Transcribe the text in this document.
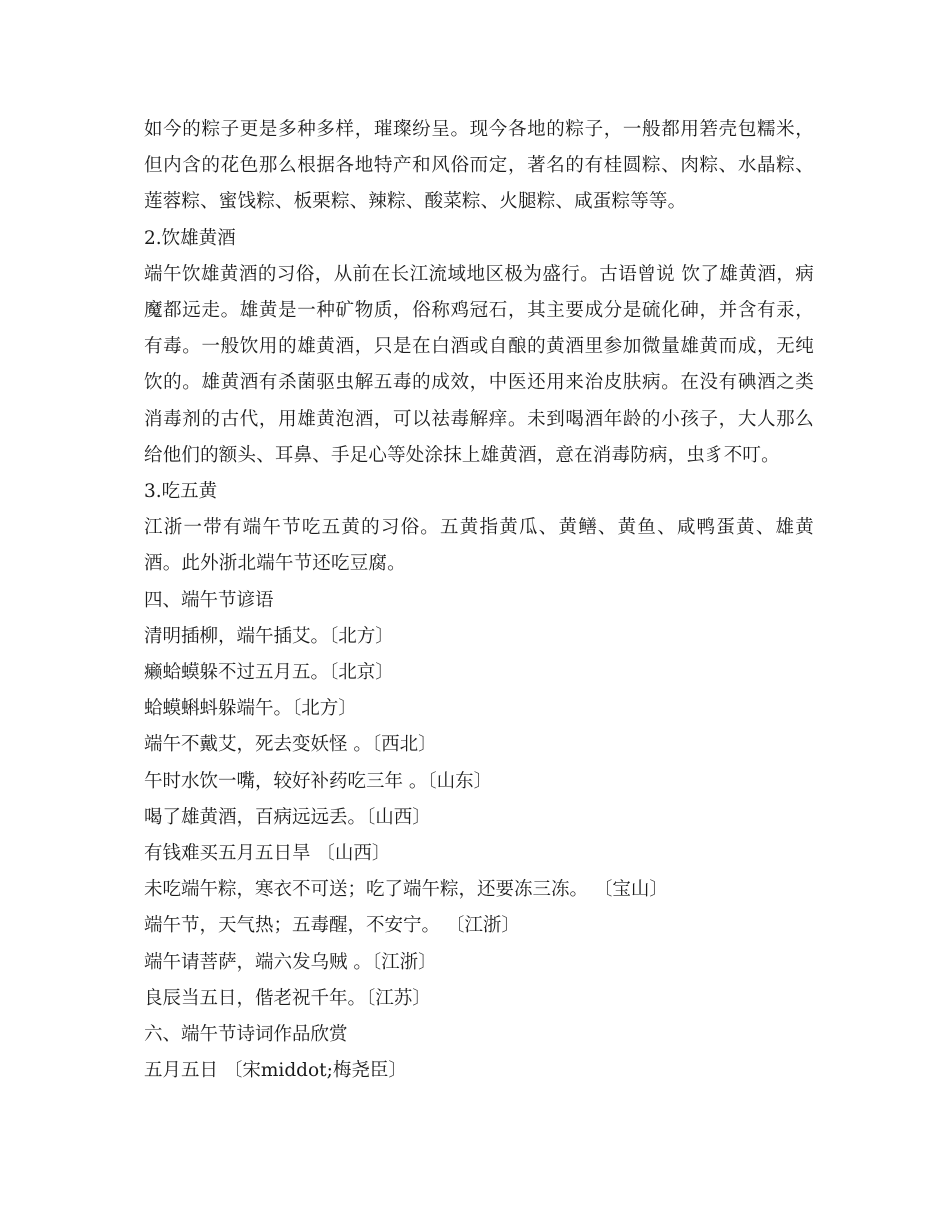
如今的粽子更是多种多样，璀璨纷呈。现今各地的粽子，一般都用箬壳包糯米，但内含的花色那么根据各地特产和风俗而定，著名的有桂圆粽、肉粽、水晶粽、莲蓉粽、蜜饯粽、板栗粽、辣粽、酸菜粽、火腿粽、咸蛋粽等等。

2.饮雄黄酒

端午饮雄黄酒的习俗，从前在长江流域地区极为盛行。古语曾说 饮了雄黄酒，病魔都远走。雄黄是一种矿物质，俗称鸡冠石，其主要成分是硫化砷，并含有汞，有毒。一般饮用的雄黄酒，只是在白酒或自酿的黄酒里参加微量雄黄而成，无纯饮的。雄黄酒有杀菌驱虫解五毒的成效，中医还用来治皮肤病。在没有碘酒之类消毒剂的古代，用雄黄泡酒，可以祛毒解痒。未到喝酒年龄的小孩子，大人那么给他们的额头、耳鼻、手足心等处涂抹上雄黄酒，意在消毒防病，虫豸不叮。

3.吃五黄

江浙一带有端午节吃五黄的习俗。五黄指黄瓜、黄鳝、黄鱼、咸鸭蛋黄、雄黄酒。此外浙北端午节还吃豆腐。

四、端午节谚语

清明插柳，端午插艾。〔北方〕

癞蛤蟆躲不过五月五。〔北京〕

蛤蟆蝌蚪躲端午。〔北方〕

端午不戴艾，死去变妖怪 。〔西北〕

午时水饮一嘴，较好补药吃三年 。〔山东〕

喝了雄黄酒，百病远远丢。〔山西〕

有钱难买五月五日旱 〔山西〕

未吃端午粽，寒衣不可送；吃了端午粽，还要冻三冻。 〔宝山〕

端午节，天气热；五毒醒，不安宁。 〔江浙〕

端午请菩萨，端六发乌贼 。〔江浙〕

良辰当五日，偕老祝千年。〔江苏〕

六、端午节诗词作品欣赏

五月五日 〔宋middot;梅尧臣〕
